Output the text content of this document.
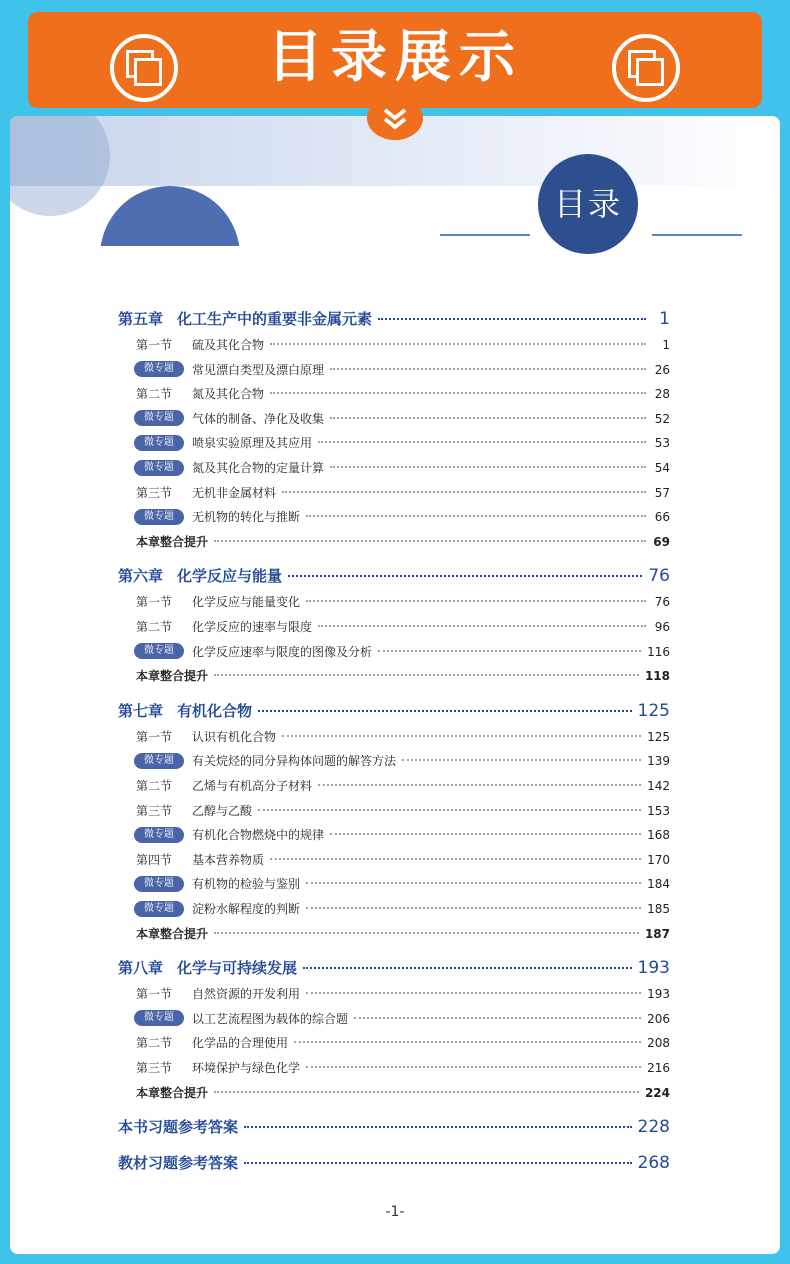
目录展示
目录
第五章 化工生产中的重要非金属元素	1
第一节	硫及其化合物	1
微专题	常见漂白类型及漂白原理	26
第二节	氮及其化合物	28
微专题	气体的制备、净化及收集	52
微专题	喷泉实验原理及其应用	53
微专题	氮及其化合物的定量计算	54
第三节	无机非金属材料	57
微专题	无机物的转化与推断	66
本章整合提升	69
第六章 化学反应与能量	76
第一节	化学反应与能量变化	76
第二节	化学反应的速率与限度	96
微专题	化学反应速率与限度的图像及分析	116
本章整合提升	118
第七章 有机化合物	125
第一节	认识有机化合物	125
微专题	有关烷烃的同分异构体问题的解答方法	139
第二节	乙烯与有机高分子材料	142
第三节	乙醇与乙酸	153
微专题	有机化合物燃烧中的规律	168
第四节	基本营养物质	170
微专题	有机物的检验与鉴别	184
微专题	淀粉水解程度的判断	185
本章整合提升	187
第八章 化学与可持续发展	193
第一节	自然资源的开发利用	193
微专题	以工艺流程图为载体的综合题	206
第二节	化学品的合理使用	208
第三节	环境保护与绿色化学	216
本章整合提升	224
本书习题参考答案	228
教材习题参考答案	268
-1-
